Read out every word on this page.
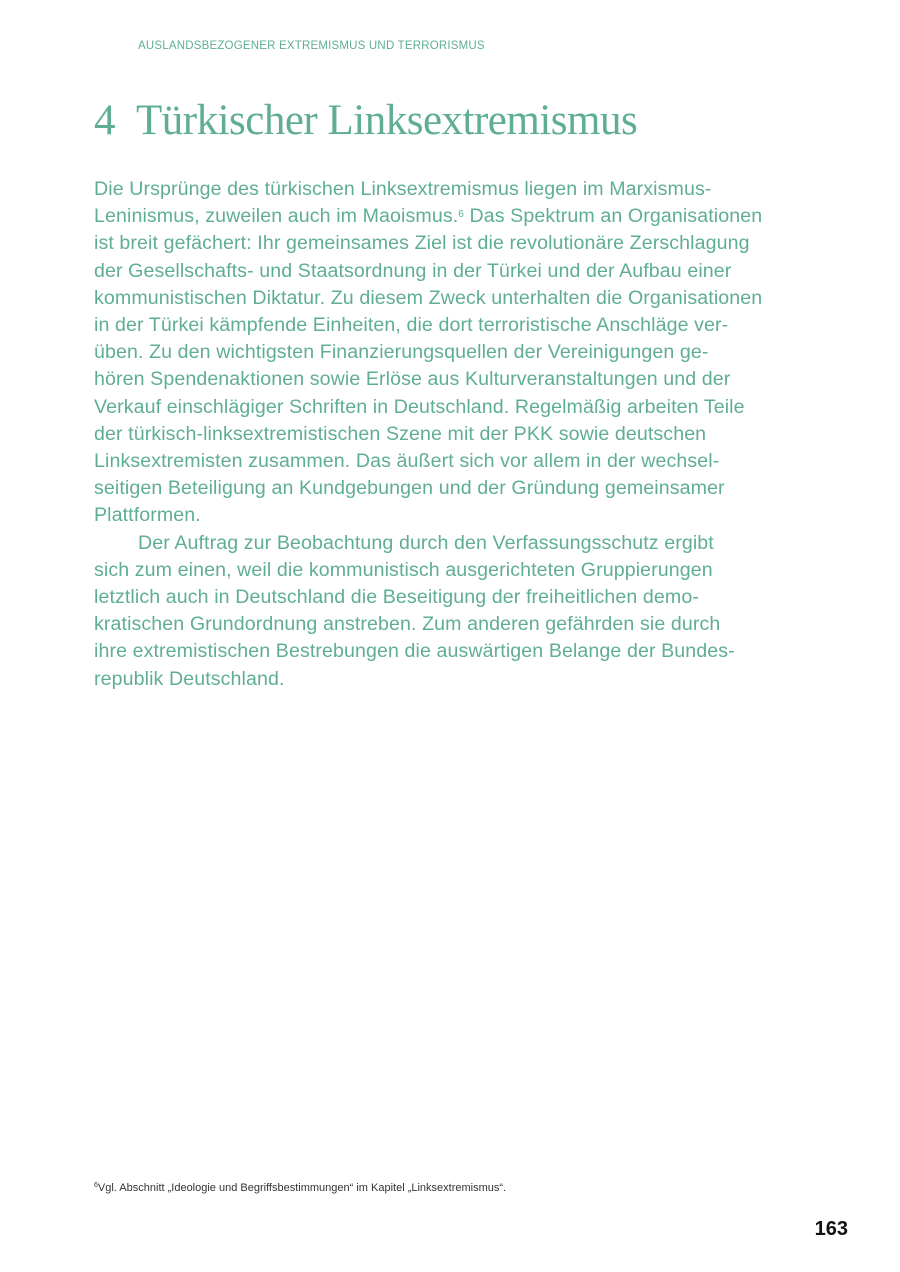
AUSLANDSBEZOGENER EXTREMISMUS UND TERRORISMUS
4 Türkischer Linksextremismus
Die Ursprünge des türkischen Linksextremismus liegen im Marxismus-
Leninismus, zuweilen auch im Maoismus.$^6$ Das Spektrum an Organisationen
ist breit gefächert: Ihr gemeinsames Ziel ist die revolutionäre Zerschlagung
der Gesellschafts- und Staatsordnung in der Türkei und der Aufbau einer
kommunistischen Diktatur. Zu diesem Zweck unterhalten die Organisationen
in der Türkei kämpfende Einheiten, die dort terroristische Anschläge ver-
üben. Zu den wichtigsten Finanzierungsquellen der Vereinigungen ge-
hören Spendenaktionen sowie Erlöse aus Kulturveranstaltungen und der
Verkauf einschlägiger Schriften in Deutschland. Regelmäßig arbeiten Teile
der türkisch-linksextremistischen Szene mit der PKK sowie deutschen
Linksextremisten zusammen. Das äußert sich vor allem in der wechsel-
seitigen Beteiligung an Kundgebungen und der Gründung gemeinsamer
Plattformen.
Der Auftrag zur Beobachtung durch den Verfassungsschutz ergibt
sich zum einen, weil die kommunistisch ausgerichteten Gruppierungen
letztlich auch in Deutschland die Beseitigung der freiheitlichen demo-
kratischen Grundordnung anstreben. Zum anderen gefährden sie durch
ihre extremistischen Bestrebungen die auswärtigen Belange der Bundes-
republik Deutschland.
$^6$Vgl. Abschnitt „Ideologie und Begriffsbestimmungen“ im Kapitel „Linksextremismus“.
163
